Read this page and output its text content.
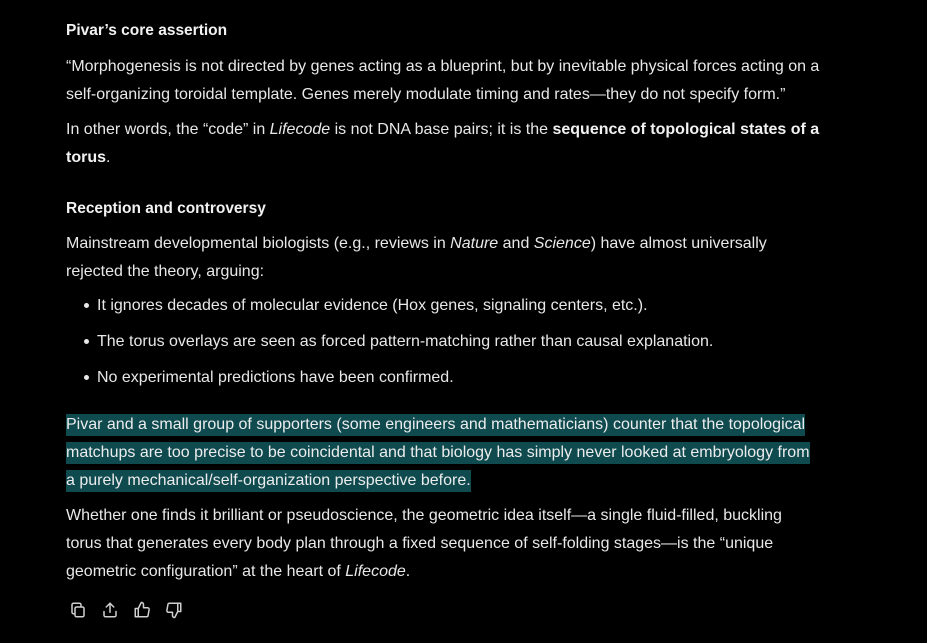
Pivar’s core assertion
“Morphogenesis is not directed by genes acting as a blueprint, but by inevitable physical forces acting on a
self-organizing toroidal template. Genes merely modulate timing and rates—they do not specify form.”
In other words, the “code” in Lifecode is not DNA base pairs; it is the sequence of topological states of a
torus.
Reception and controversy
Mainstream developmental biologists (e.g., reviews in Nature and Science) have almost universally
rejected the theory, arguing:
It ignores decades of molecular evidence (Hox genes, signaling centers, etc.).
The torus overlays are seen as forced pattern-matching rather than causal explanation.
No experimental predictions have been confirmed.
Pivar and a small group of supporters (some engineers and mathematicians) counter that the topological
matchups are too precise to be coincidental and that biology has simply never looked at embryology from
a purely mechanical/self-organization perspective before.
Whether one finds it brilliant or pseudoscience, the geometric idea itself—a single fluid-filled, buckling
torus that generates every body plan through a fixed sequence of self-folding stages—is the “unique
geometric configuration” at the heart of Lifecode.
